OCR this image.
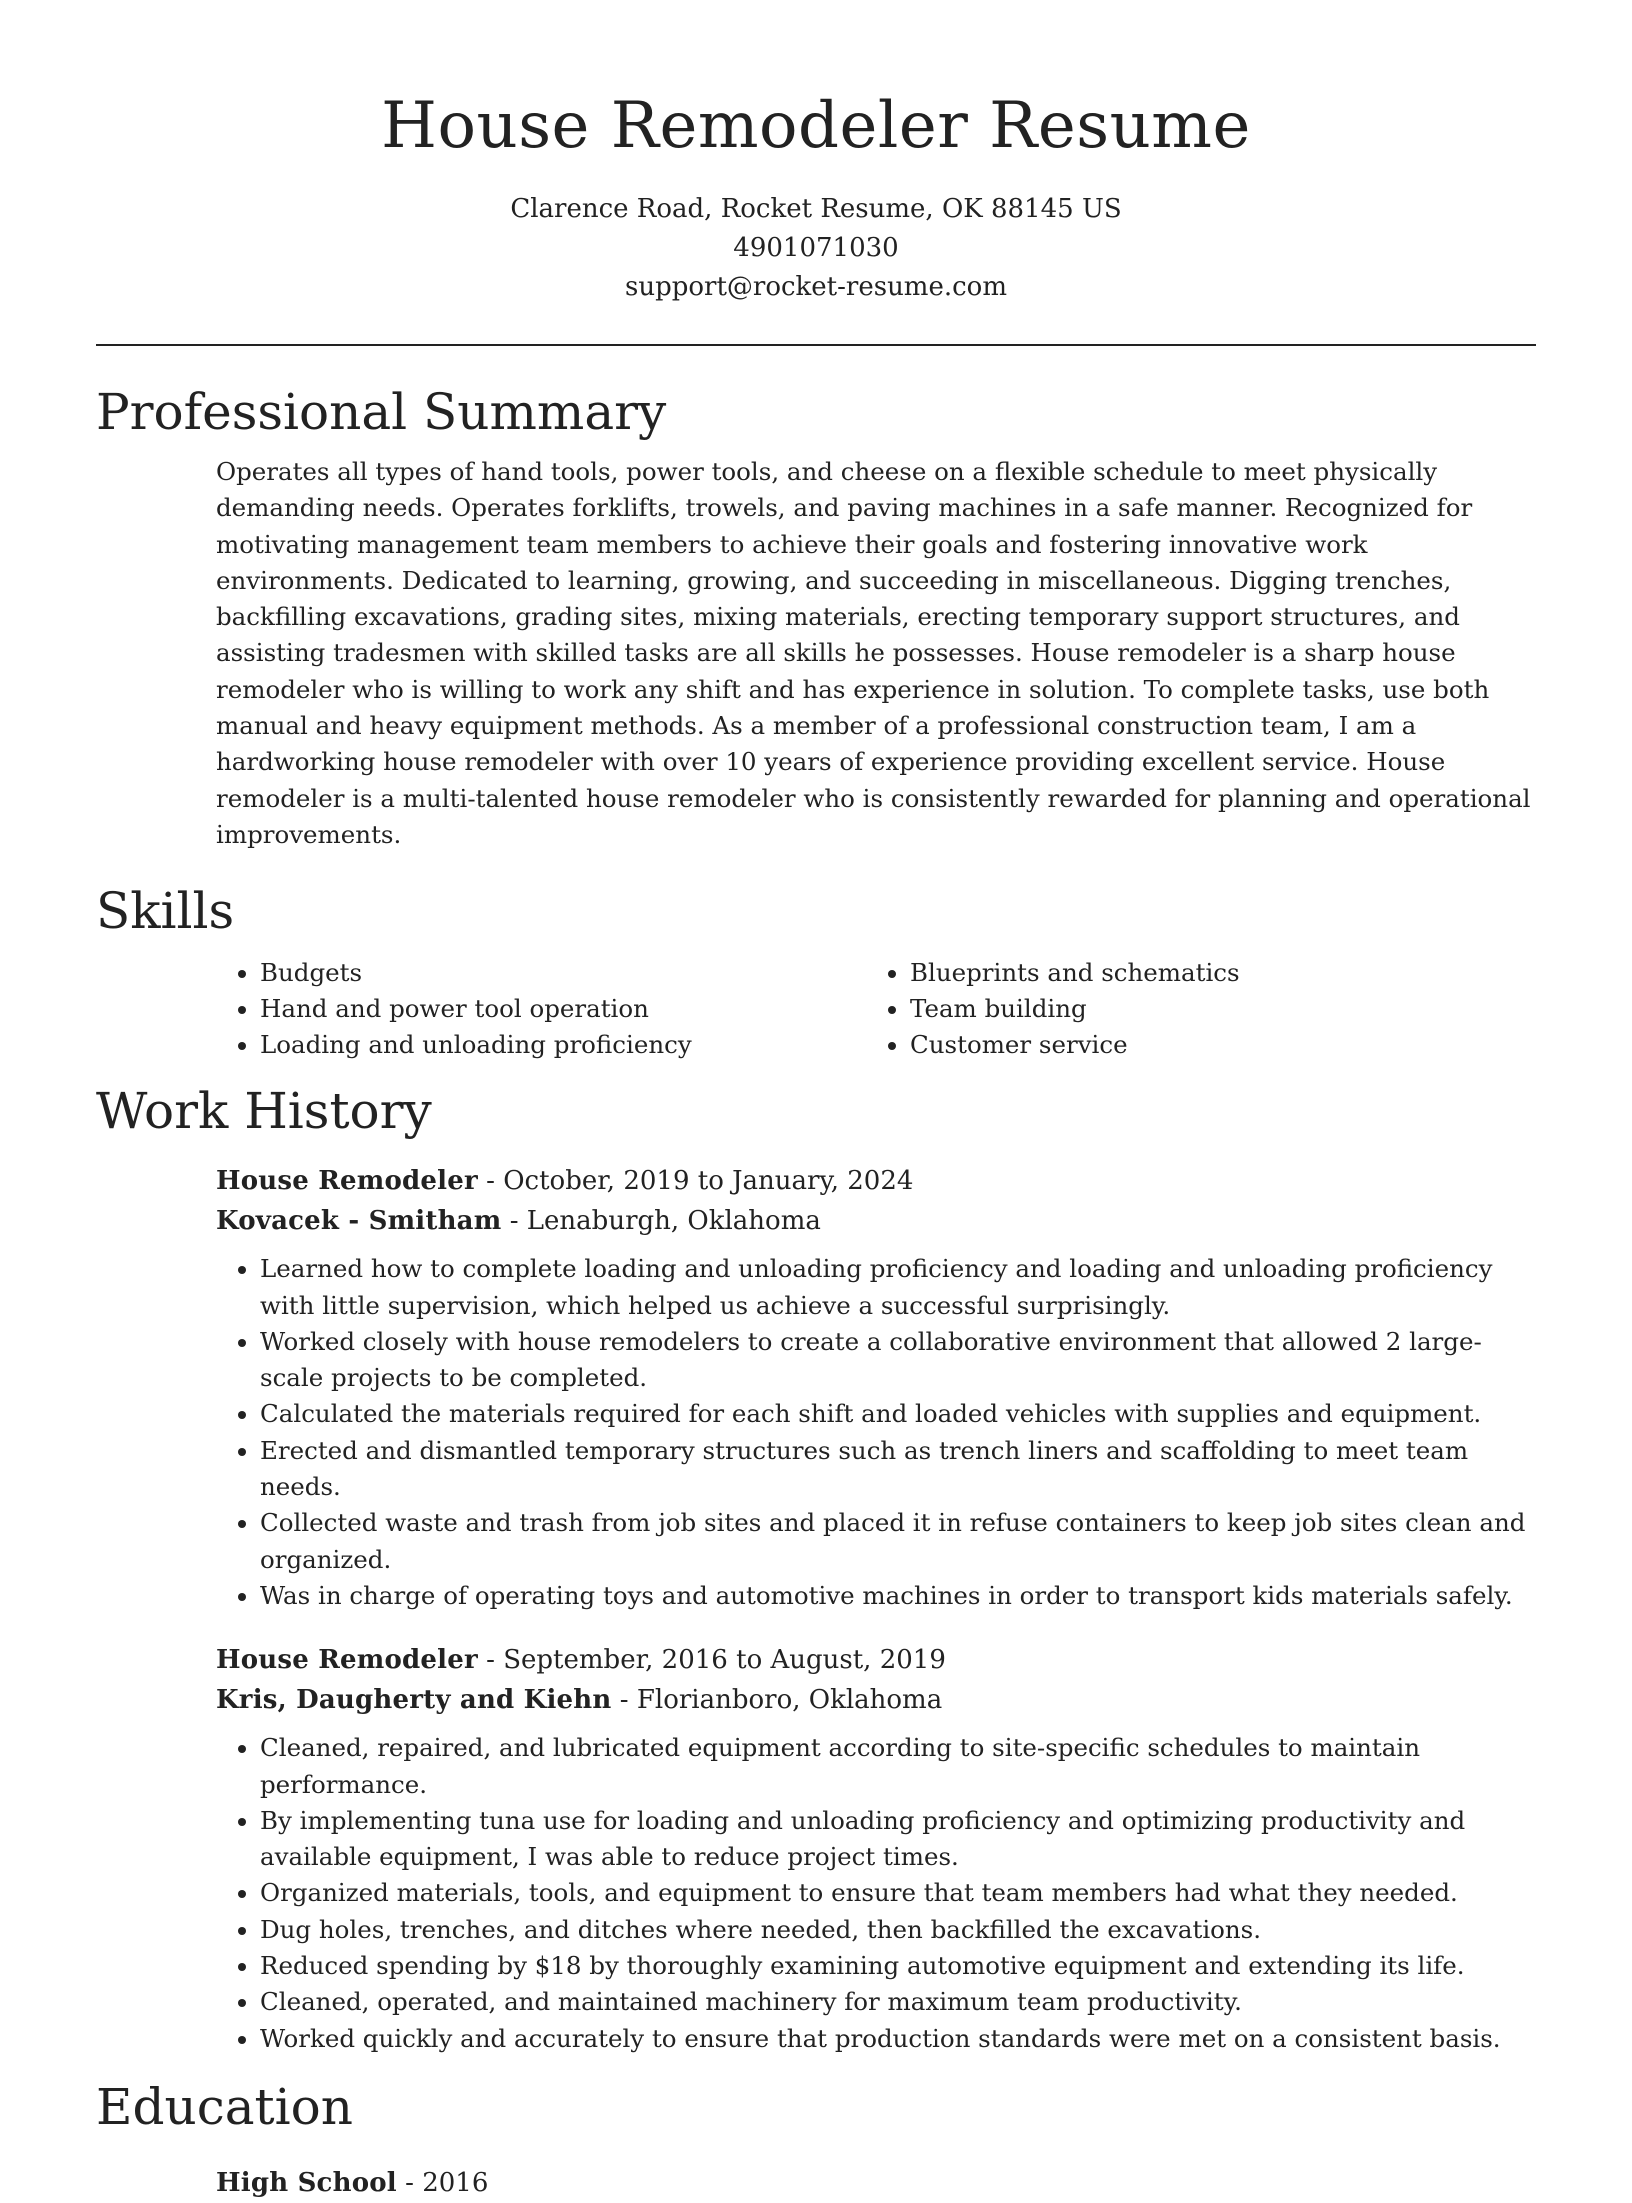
House Remodeler Resume
Clarence Road, Rocket Resume, OK 88145 US
4901071030
support@rocket-resume.com
Professional Summary

Operates all types of hand tools, power tools, and cheese on a flexible schedule to meet physically demanding needs. Operates forklifts, trowels, and paving machines in a safe manner. Recognized for motivating management team members to achieve their goals and fostering innovative work environments. Dedicated to learning, growing, and succeeding in miscellaneous. Digging trenches, backfilling excavations, grading sites, mixing materials, erecting temporary support structures, and assisting tradesmen with skilled tasks are all skills he possesses. House remodeler is a sharp house remodeler who is willing to work any shift and has experience in solution. To complete tasks, use both manual and heavy equipment methods. As a member of a professional construction team, I am a hardworking house remodeler with over 10 years of experience providing excellent service. House remodeler is a multi-talented house remodeler who is consistently rewarded for planning and operational improvements.

Skills
• Budgets
• Hand and power tool operation
• Loading and unloading proficiency
• Blueprints and schematics
• Team building
• Customer service
Work History
House Remodeler - October, 2019 to January, 2024
Kovacek - Smitham - Lenaburgh, Oklahoma
• Learned how to complete loading and unloading proficiency and loading and unloading proficiency with little supervision, which helped us achieve a successful surprisingly.
• Worked closely with house remodelers to create a collaborative environment that allowed 2 large-scale projects to be completed.
• Calculated the materials required for each shift and loaded vehicles with supplies and equipment.
• Erected and dismantled temporary structures such as trench liners and scaffolding to meet team needs.
• Collected waste and trash from job sites and placed it in refuse containers to keep job sites clean and organized.
• Was in charge of operating toys and automotive machines in order to transport kids materials safely.
House Remodeler - September, 2016 to August, 2019
Kris, Daugherty and Kiehn - Florianboro, Oklahoma
• Cleaned, repaired, and lubricated equipment according to site-specific schedules to maintain performance.
• By implementing tuna use for loading and unloading proficiency and optimizing productivity and available equipment, I was able to reduce project times.
• Organized materials, tools, and equipment to ensure that team members had what they needed.
• Dug holes, trenches, and ditches where needed, then backfilled the excavations.
• Reduced spending by $18 by thoroughly examining automotive equipment and extending its life.
• Cleaned, operated, and maintained machinery for maximum team productivity.
• Worked quickly and accurately to ensure that production standards were met on a consistent basis.
Education
High School - 2016
